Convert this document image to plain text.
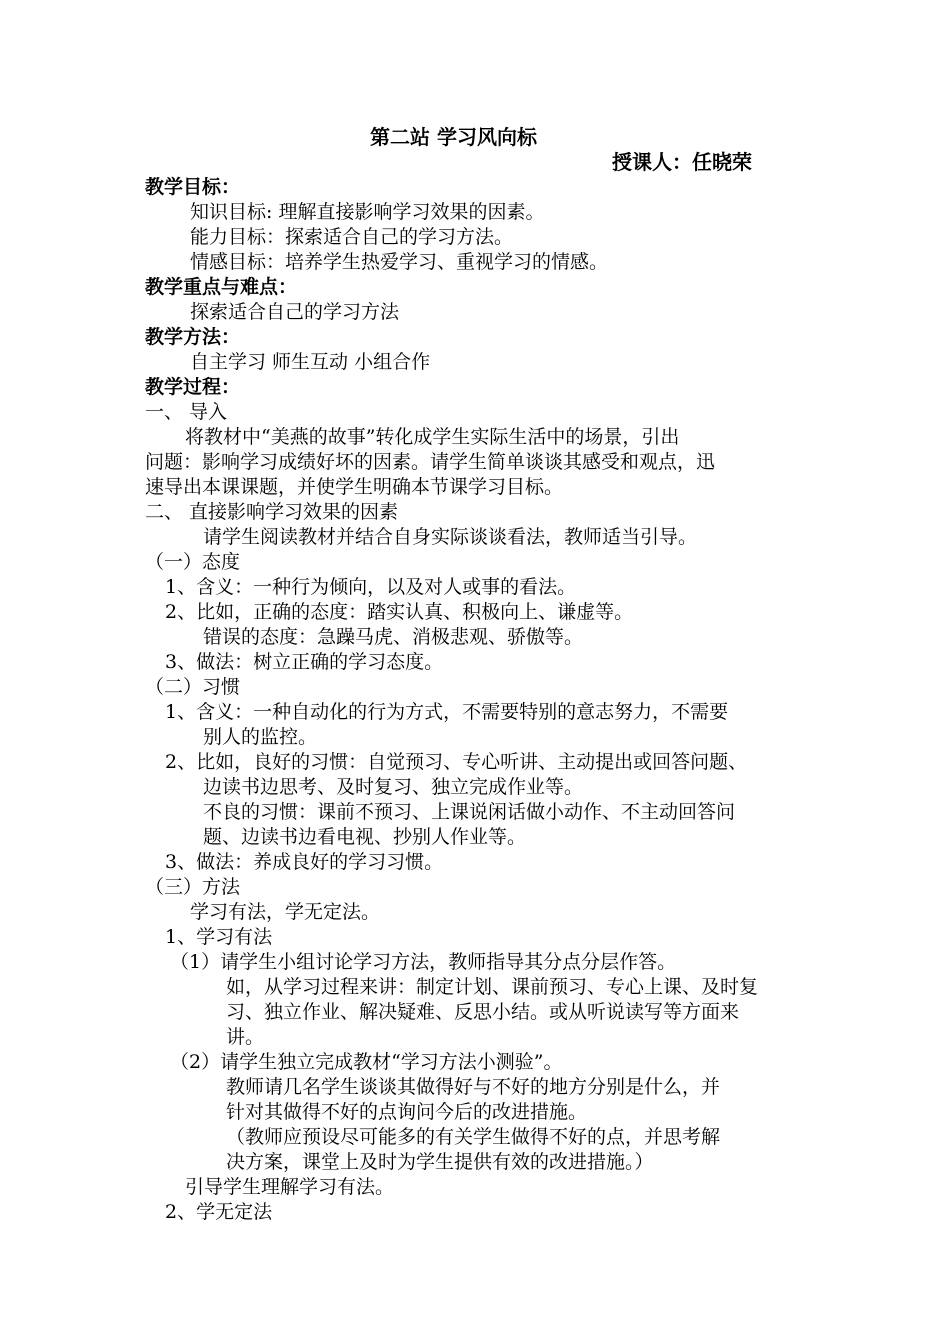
第二站 学习风向标
授课人：任晓荣
教学目标：
知识目标: 理解直接影响学习效果的因素。
能力目标：探索适合自己的学习方法。
情感目标：培养学生热爱学习、重视学习的情感。
教学重点与难点：
探索适合自己的学习方法
教学方法：
自主学习 师生互动 小组合作
教学过程：
一、 导入
将教材中“美燕的故事”转化成学生实际生活中的场景，引出
问题：影响学习成绩好坏的因素。请学生简单谈谈其感受和观点，迅
速导出本课课题，并使学生明确本节课学习目标。
二、 直接影响学习效果的因素
请学生阅读教材并结合自身实际谈谈看法，教师适当引导。
（一）态度
1、含义：一种行为倾向，以及对人或事的看法。
2、比如，正确的态度：踏实认真、积极向上、谦虚等。
错误的态度：急躁马虎、消极悲观、骄傲等。
3、做法：树立正确的学习态度。
（二）习惯
1、含义：一种自动化的行为方式，不需要特别的意志努力，不需要
别人的监控。
2、比如，良好的习惯：自觉预习、专心听讲、主动提出或回答问题、
边读书边思考、及时复习、独立完成作业等。
不良的习惯：课前不预习、上课说闲话做小动作、不主动回答问
题、边读书边看电视、抄别人作业等。
3、做法：养成良好的学习习惯。
（三）方法
学习有法，学无定法。
1、学习有法
（1）请学生小组讨论学习方法，教师指导其分点分层作答。
如，从学习过程来讲：制定计划、课前预习、专心上课、及时复
习、独立作业、解决疑难、反思小结。或从听说读写等方面来
讲。
（2）请学生独立完成教材“学习方法小测验”。
教师请几名学生谈谈其做得好与不好的地方分别是什么，并
针对其做得不好的点询问今后的改进措施。
（教师应预设尽可能多的有关学生做得不好的点，并思考解
决方案，课堂上及时为学生提供有效的改进措施。）
引导学生理解学习有法。
2、学无定法
